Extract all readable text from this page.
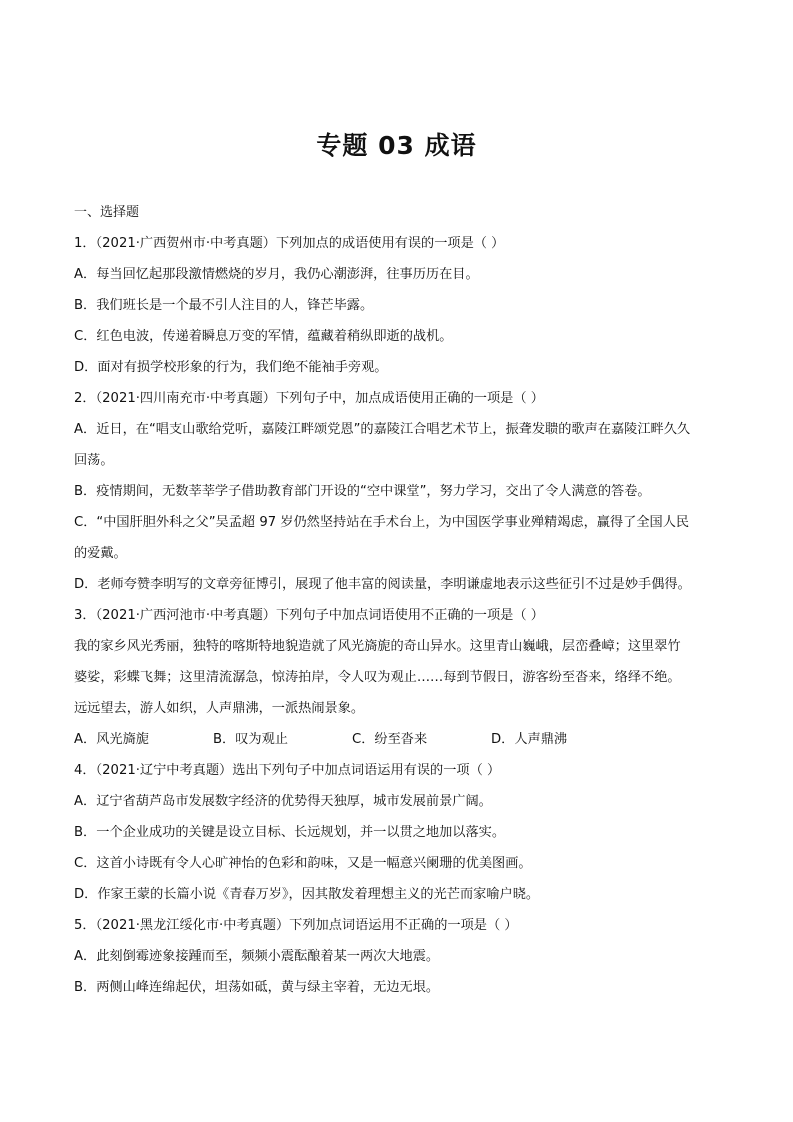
专题 03 成语
一、选择题
1．（2021·广西贺州市·中考真题）下列加点的成语使用有误的一项是（ ）
A．每当回忆起那段激情燃烧的岁月，我仍心潮澎湃，往事历历在目。
B．我们班长是一个最不引人注目的人，锋芒毕露。
C．红色电波，传递着瞬息万变的军情，蕴藏着稍纵即逝的战机。
D．面对有损学校形象的行为，我们绝不能袖手旁观。
2．（2021·四川南充市·中考真题）下列句子中，加点成语使用正确的一项是（ ）
A．近日，在“唱支山歌给党听，嘉陵江畔颂党恩”的嘉陵江合唱艺术节上，振聋发聩的歌声在嘉陵江畔久久
回荡。
B．疫情期间，无数莘莘学子借助教育部门开设的“空中课堂”，努力学习，交出了令人满意的答卷。
C．“中国肝胆外科之父”吴孟超 97 岁仍然坚持站在手术台上，为中国医学事业殚精竭虑，赢得了全国人民
的爱戴。
D．老师夸赞李明写的文章旁征博引，展现了他丰富的阅读量，李明谦虚地表示这些征引不过是妙手偶得。
3．（2021·广西河池市·中考真题）下列句子中加点词语使用不正确的一项是（ ）
我的家乡风光秀丽，独特的喀斯特地貌造就了风光旖旎的奇山异水。这里青山巍峨，层峦叠嶂；这里翠竹
婆娑，彩蝶飞舞；这里清流潺急，惊涛拍岸，令人叹为观止……每到节假日，游客纷至沓来，络绎不绝。
远远望去，游人如织，人声鼎沸，一派热闹景象。
A．风光旖旎	B．叹为观止	C．纷至沓来	D．人声鼎沸
4．（2021·辽宁中考真题）选出下列句子中加点词语运用有误的一项（ ）
A．辽宁省葫芦岛市发展数字经济的优势得天独厚，城市发展前景广阔。
B．一个企业成功的关键是设立目标、长远规划，并一以贯之地加以落实。
C．这首小诗既有令人心旷神怡的色彩和韵味，又是一幅意兴阑珊的优美图画。
D．作家王蒙的长篇小说《青春万岁》，因其散发着理想主义的光芒而家喻户晓。
5．（2021·黑龙江绥化市·中考真题）下列加点词语运用不正确的一项是（ ）
A．此刻倒霉迹象接踵而至，频频小震酝酿着某一两次大地震。
B．两侧山峰连绵起伏，坦荡如砥，黄与绿主宰着，无边无垠。
